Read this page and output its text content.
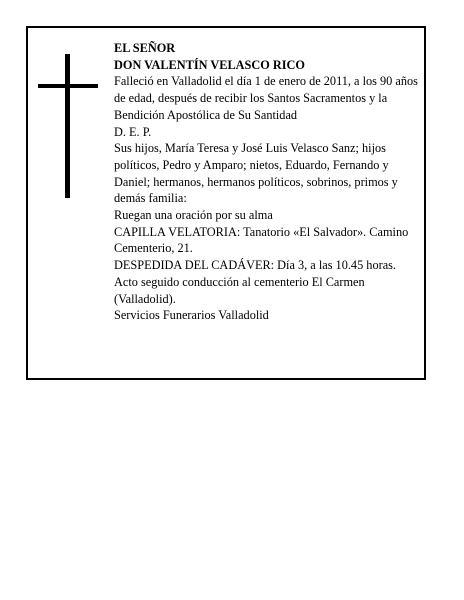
EL SEÑOR
DON VALENTÍN VELASCO RICO
Falleció en Valladolid el día 1 de enero de 2011, a los 90 años de edad, después de recibir los Santos Sacramentos y la Bendición Apostólica de Su Santidad
D. E. P.
Sus hijos, María Teresa y José Luis Velasco Sanz; hijos políticos, Pedro y Amparo; nietos, Eduardo, Fernando y Daniel; hermanos, hermanos políticos, sobrinos, primos y demás familia:
Ruegan una oración por su alma
CAPILLA VELATORIA: Tanatorio «El Salvador». Camino Cementerio, 21.
DESPEDIDA DEL CADÁVER: Día 3, a las 10.45 horas. Acto seguido conducción al cementerio El Carmen (Valladolid).
Servicios Funerarios Valladolid
